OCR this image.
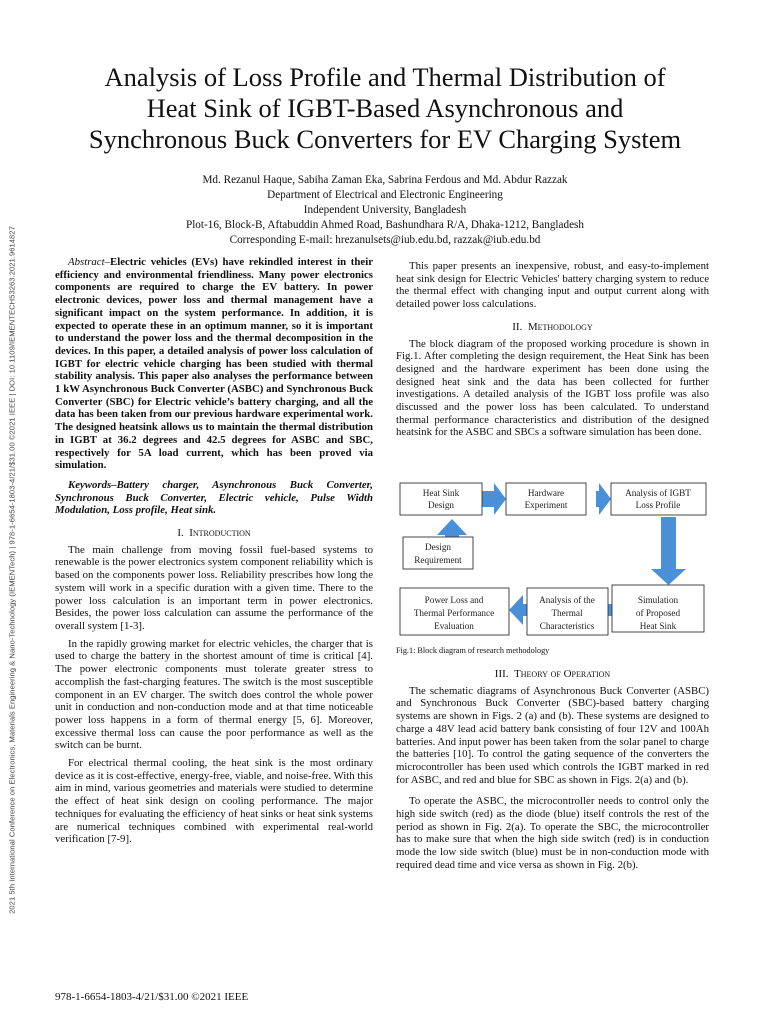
2021 5th International Conference on Electronics, Materials Engineering & Nano-Technology (IEMENTech) | 978-1-6654-1803-4/21/$31.00 ©2021 IEEE | DOI: 10.1109/IEMENTECH53263.2021.9614827
Analysis of Loss Profile and Thermal Distribution of
Heat Sink of IGBT-Based Asynchronous and
Synchronous Buck Converters for EV Charging System
Md. Rezanul Haque, Sabiha Zaman Eka, Sabrina Ferdous and Md. Abdur Razzak
Department of Electrical and Electronic Engineering
Independent University, Bangladesh
Plot-16, Block-B, Aftabuddin Ahmed Road, Bashundhara R/A, Dhaka-1212, Bangladesh
Corresponding E-mail: hrezanulsets@iub.edu.bd, razzak@iub.edu.bd

Abstract–Electric vehicles (EVs) have rekindled interest in their efficiency and environmental friendliness. Many power electronics components are required to charge the EV battery. In power electronic devices, power loss and thermal management have a significant impact on the system performance. In addition, it is expected to operate these in an optimum manner, so it is important to understand the power loss and the thermal decomposition in the devices. In this paper, a detailed analysis of power loss calculation of IGBT for electric vehicle charging has been studied with thermal stability analysis. This paper also analyses the performance between 1 kW Asynchronous Buck Converter (ASBC) and Synchronous Buck Converter (SBC) for Electric vehicle’s battery charging, and all the data has been taken from our previous hardware experimental work. The designed heatsink allows us to maintain the thermal distribution in IGBT at 36.2 degrees and 42.5 degrees for ASBC and SBC, respectively for 5A load current, which has been proved via simulation.

Keywords–Battery charger, Asynchronous Buck Converter, Synchronous Buck Converter, Electric vehicle, Pulse Width Modulation, Loss profile, Heat sink.

I. Introduction

The main challenge from moving fossil fuel-based systems to renewable is the power electronics system component reliability which is based on the components power loss. Reliability prescribes how long the system will work in a specific duration with a given time. There to the power loss calculation is an important term in power electronics. Besides, the power loss calculation can assume the performance of the overall system [1-3].

In the rapidly growing market for electric vehicles, the charger that is used to charge the battery in the shortest amount of time is critical [4]. The power electronic components must tolerate greater stress to accomplish the fast-charging features. The switch is the most susceptible component in an EV charger. The switch does control the whole power unit in conduction and non-conduction mode and at that time noticeable power loss happens in a form of thermal energy [5, 6]. Moreover, excessive thermal loss can cause the poor performance as well as the switch can be burnt.

For electrical thermal cooling, the heat sink is the most ordinary device as it is cost-effective, energy-free, viable, and noise-free. With this aim in mind, various geometries and materials were studied to determine the effect of heat sink design on cooling performance. The major techniques for evaluating the efficiency of heat sinks or heat sink systems are numerical techniques combined with experimental real-world verification [7-9].

This paper presents an inexpensive, robust, and easy-to-implement heat sink design for Electric Vehicles' battery charging system to reduce the thermal effect with changing input and output current along with detailed power loss calculations.

II. Methodology

The block diagram of the proposed working procedure is shown in Fig.1. After completing the design requirement, the Heat Sink has been designed and the hardware experiment has been done using the designed heat sink and the data has been collected for further investigations. A detailed analysis of the IGBT loss profile was also discussed and the power loss has been calculated. To understand thermal performance characteristics and distribution of the designed heatsink for the ASBC and SBCs a software simulation has been done.

Heat Sink
Design
Hardware
Experiment
Analysis of IGBT
Loss Profile
Design
Requirement
Simulation
of Proposed
Heat Sink
Analysis of the
Thermal
Characteristics
Power Loss and
Thermal Performance
Evaluation
Fig.1: Block diagram of research methodology

III. Theory of Operation

The schematic diagrams of Asynchronous Buck Converter (ASBC) and Synchronous Buck Converter (SBC)-based battery charging systems are shown in Figs. 2 (a) and (b). These systems are designed to charge a 48V lead acid battery bank consisting of four 12V and 100Ah batteries. And input power has been taken from the solar panel to charge the batteries [10]. To control the gating sequence of the converters the microcontroller has been used which controls the IGBT marked in red for ASBC, and red and blue for SBC as shown in Figs. 2(a) and (b).

To operate the ASBC, the microcontroller needs to control only the high side switch (red) as the diode (blue) itself controls the rest of the period as shown in Fig. 2(a). To operate the SBC, the microcontroller has to make sure that when the high side switch (red) is in conduction mode the low side switch (blue) must be in non-conduction mode with required dead time and vice versa as shown in Fig. 2(b).

978-1-6654-1803-4/21/$31.00 ©2021 IEEE
